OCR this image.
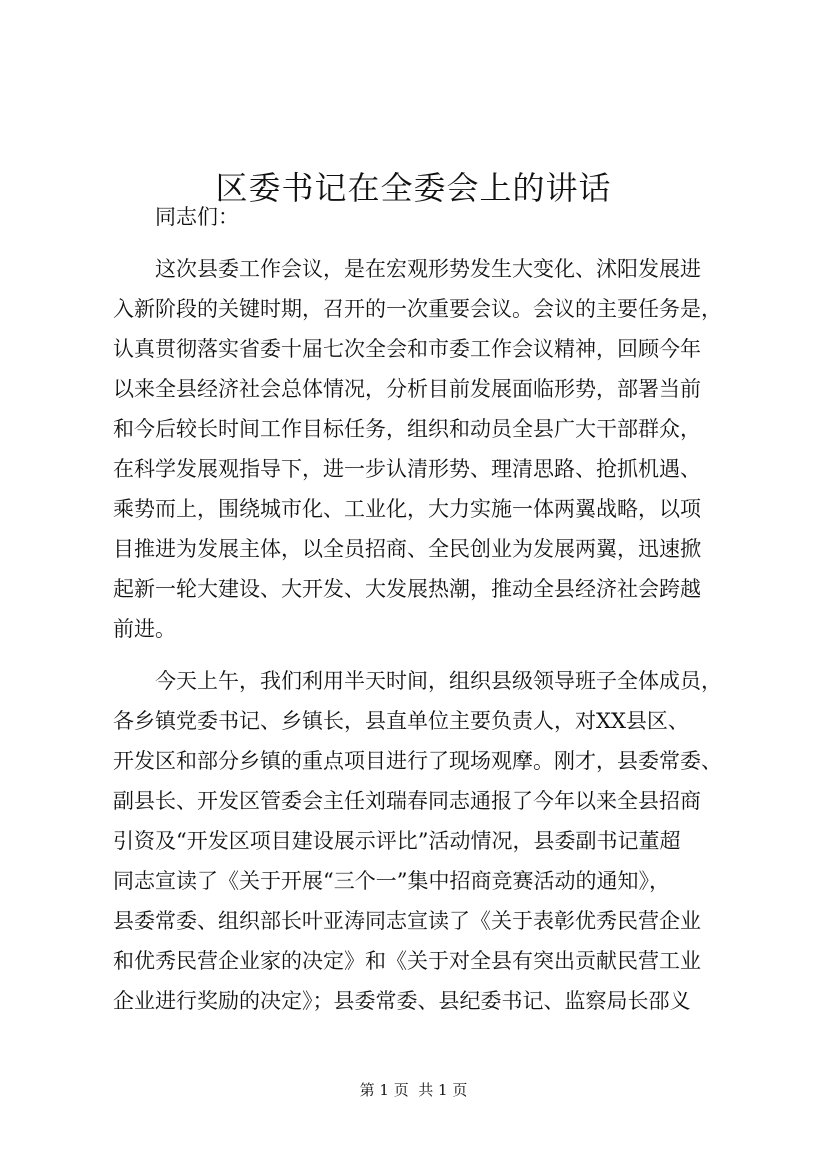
区委书记在全委会上的讲话
同志们：
这次县委工作会议，是在宏观形势发生大变化、沭阳发展进
入新阶段的关键时期，召开的一次重要会议。会议的主要任务是，
认真贯彻落实省委十届七次全会和市委工作会议精神，回顾今年
以来全县经济社会总体情况，分析目前发展面临形势，部署当前
和今后较长时间工作目标任务，组织和动员全县广大干部群众，
在科学发展观指导下，进一步认清形势、理清思路、抢抓机遇、
乘势而上，围绕城市化、工业化，大力实施一体两翼战略，以项
目推进为发展主体，以全员招商、全民创业为发展两翼，迅速掀
起新一轮大建设、大开发、大发展热潮，推动全县经济社会跨越
前进。
今天上午，我们利用半天时间，组织县级领导班子全体成员，
各乡镇党委书记、乡镇长，县直单位主要负责人，对XX县区、
开发区和部分乡镇的重点项目进行了现场观摩。刚才，县委常委、
副县长、开发区管委会主任刘瑞春同志通报了今年以来全县招商
引资及“开发区项目建设展示评比”活动情况，县委副书记董超
同志宣读了《关于开展“三个一”集中招商竞赛活动的通知》，
县委常委、组织部长叶亚涛同志宣读了《关于表彰优秀民营企业
和优秀民营企业家的决定》和《关于对全县有突出贡献民营工业
企业进行奖励的决定》；县委常委、县纪委书记、监察局长邵义
第 1 页  共 1 页
